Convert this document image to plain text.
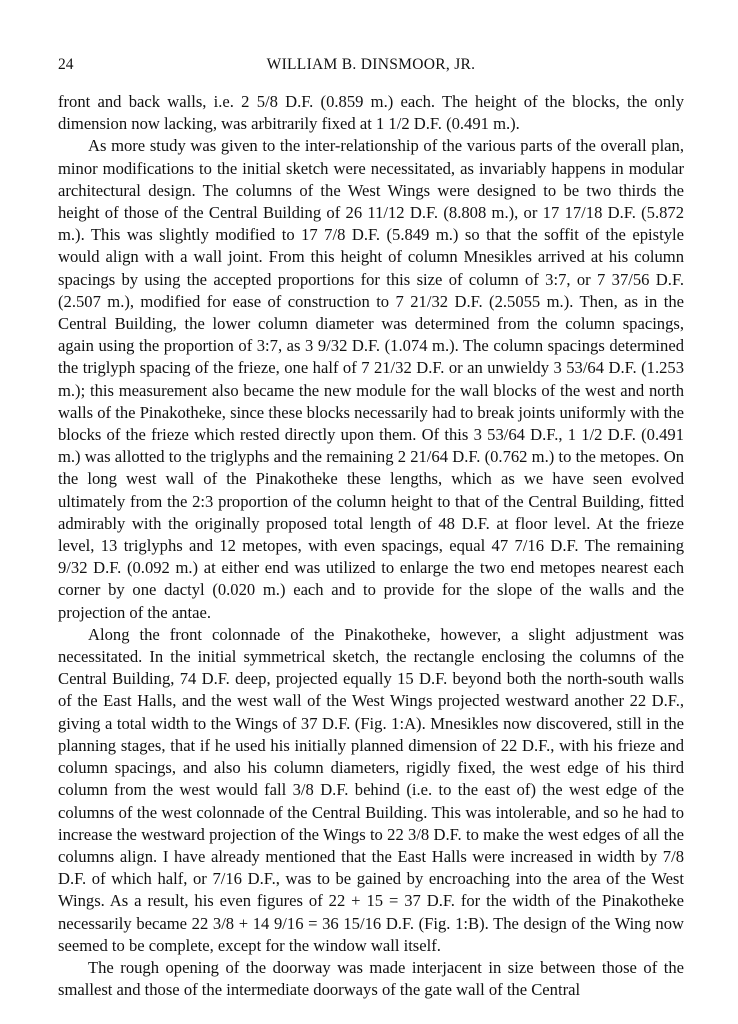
24	WILLIAM B. DINSMOOR, JR.

front and back walls, i.e. 2 5/8 D.F. (0.859 m.) each. The height of the blocks, the only dimension now lacking, was arbitrarily fixed at 1 1/2 D.F. (0.491 m.).

As more study was given to the inter-relationship of the various parts of the overall plan, minor modifications to the initial sketch were necessitated, as invariably happens in modular architectural design. The columns of the West Wings were designed to be two thirds the height of those of the Central Building of 26 11/12 D.F. (8.808 m.), or 17 17/18 D.F. (5.872 m.). This was slightly modified to 17 7/8 D.F. (5.849 m.) so that the soffit of the epistyle would align with a wall joint. From this height of column Mnesikles arrived at his column spacings by using the accepted proportions for this size of column of 3:7, or 7 37/56 D.F. (2.507 m.), modified for ease of construction to 7 21/32 D.F. (2.5055 m.). Then, as in the Central Building, the lower column diameter was determined from the column spacings, again using the proportion of 3:7, as 3 9/32 D.F. (1.074 m.). The column spacings determined the triglyph spacing of the frieze, one half of 7 21/32 D.F. or an unwieldy 3 53/64 D.F. (1.253 m.); this measurement also became the new module for the wall blocks of the west and north walls of the Pinakotheke, since these blocks necessarily had to break joints uniformly with the blocks of the frieze which rested directly upon them. Of this 3 53/64 D.F., 1 1/2 D.F. (0.491 m.) was allotted to the triglyphs and the remaining 2 21/64 D.F. (0.762 m.) to the metopes. On the long west wall of the Pinakotheke these lengths, which as we have seen evolved ultimately from the 2:3 proportion of the column height to that of the Central Building, fitted admirably with the originally proposed total length of 48 D.F. at floor level. At the frieze level, 13 triglyphs and 12 metopes, with even spacings, equal 47 7/16 D.F. The remaining 9/32 D.F. (0.092 m.) at either end was utilized to enlarge the two end metopes nearest each corner by one dactyl (0.020 m.) each and to provide for the slope of the walls and the projection of the antae.

Along the front colonnade of the Pinakotheke, however, a slight adjustment was necessitated. In the initial symmetrical sketch, the rectangle enclosing the columns of the Central Building, 74 D.F. deep, projected equally 15 D.F. beyond both the north-south walls of the East Halls, and the west wall of the West Wings projected westward another 22 D.F., giving a total width to the Wings of 37 D.F. (Fig. 1:A). Mnesikles now discovered, still in the planning stages, that if he used his initially planned dimension of 22 D.F., with his frieze and column spacings, and also his column diameters, rigidly fixed, the west edge of his third column from the west would fall 3/8 D.F. behind (i.e. to the east of) the west edge of the columns of the west colonnade of the Central Building. This was intolerable, and so he had to increase the westward projection of the Wings to 22 3/8 D.F. to make the west edges of all the columns align. I have already mentioned that the East Halls were increased in width by 7/8 D.F. of which half, or 7/16 D.F., was to be gained by encroaching into the area of the West Wings. As a result, his even figures of 22 + 15 = 37 D.F. for the width of the Pinakotheke necessarily became 22 3/8 + 14 9/16 = 36 15/16 D.F. (Fig. 1:B). The design of the Wing now seemed to be complete, except for the window wall itself.

The rough opening of the doorway was made interjacent in size between those of the smallest and those of the intermediate doorways of the gate wall of the Central
